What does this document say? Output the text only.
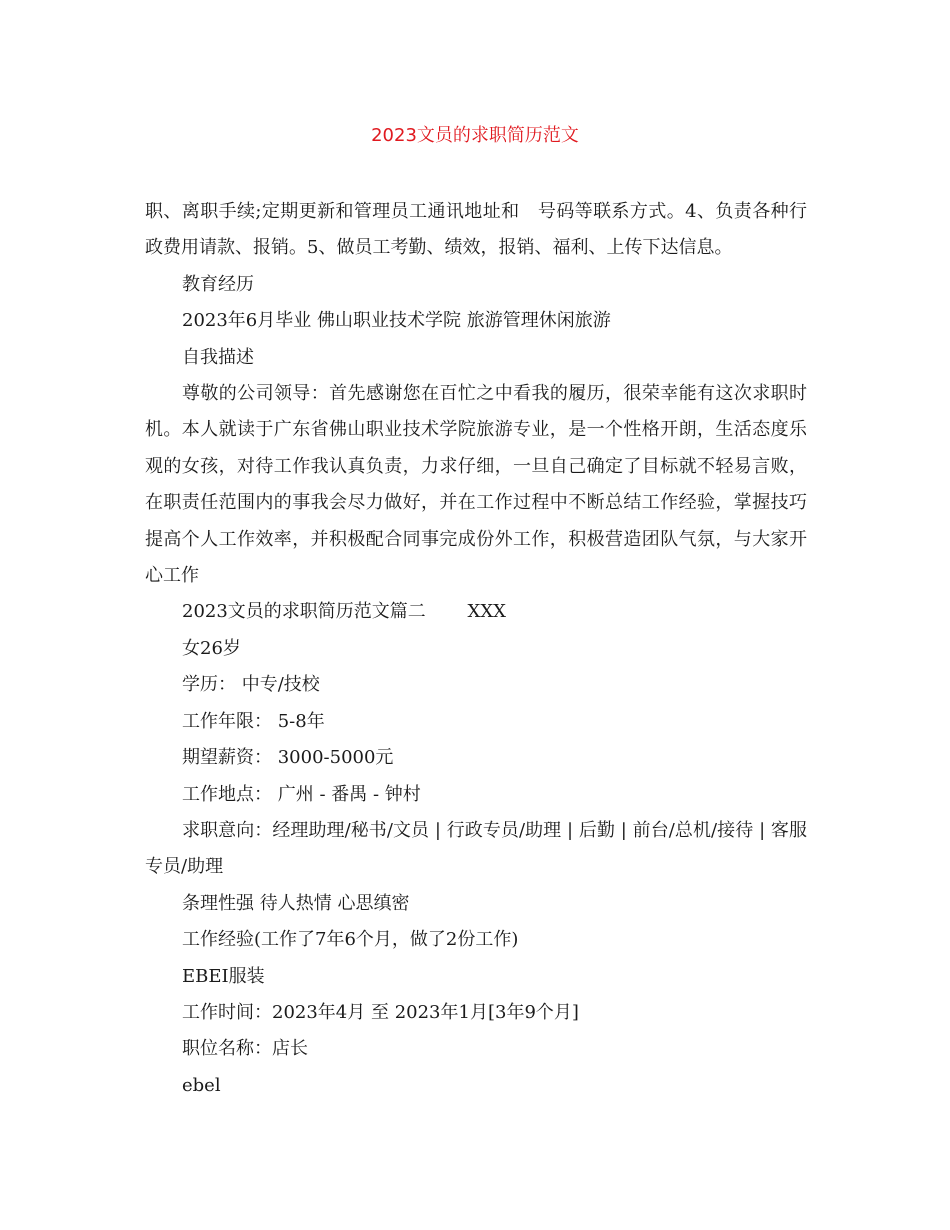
2023文员的求职简历范文

职、离职手续;定期更新和管理员工通讯地址和　号码等联系方式。4、负责各种行政费用请款、报销。5、做员工考勤、绩效，报销、福利、上传下达信息。

教育经历

2023年6月毕业 佛山职业技术学院 旅游管理休闲旅游

自我描述

尊敬的公司领导：首先感谢您在百忙之中看我的履历，很荣幸能有这次求职时机。本人就读于广东省佛山职业技术学院旅游专业，是一个性格开朗，生活态度乐观的女孩，对待工作我认真负责，力求仔细，一旦自己确定了目标就不轻易言败，在职责任范围内的事我会尽力做好，并在工作过程中不断总结工作经验，掌握技巧提高个人工作效率，并积极配合同事完成份外工作，积极营造团队气氛，与大家开心工作

2023文员的求职简历范文篇二　　 XXX

女26岁

学历： 中专/技校

工作年限： 5-8年

期望薪资： 3000-5000元

工作地点： 广州 - 番禺 - 钟村

求职意向：经理助理/秘书/文员 | 行政专员/助理 | 后勤 | 前台/总机/接待 | 客服专员/助理

条理性强 待人热情 心思缜密

工作经验(工作了7年6个月，做了2份工作)

EBEI服装

工作时间：2023年4月 至 2023年1月[3年9个月]

职位名称：店长

ebel
